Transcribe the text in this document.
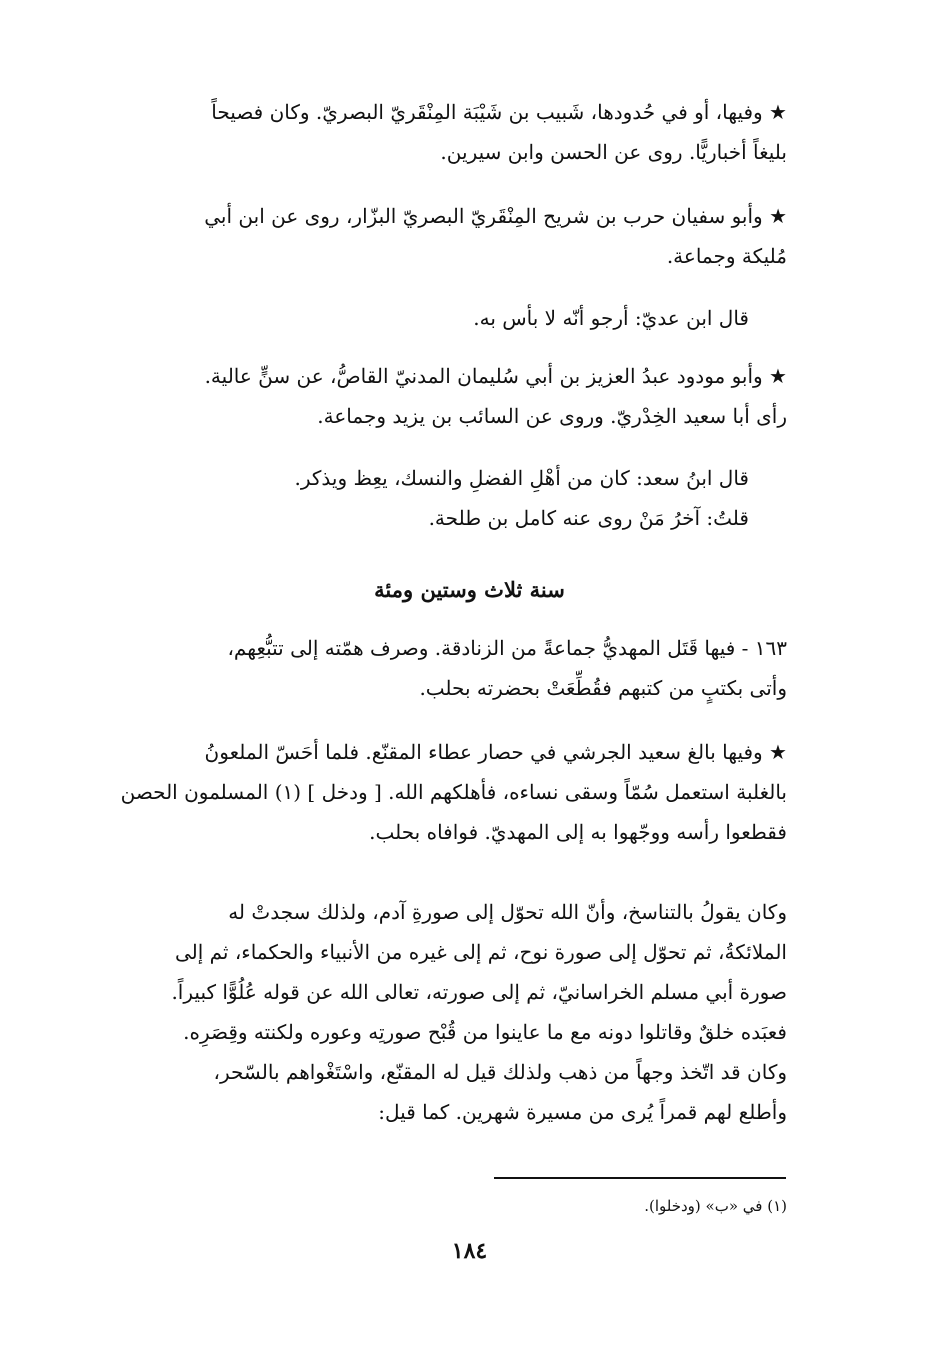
★ وفيها، أو في حُدودها، شَبيب بن شَيْبَة المِنْقَريّ البصريّ. وكان فصيحاً
بليغاً أخباريًّا. روى عن الحسن وابن سيرين.
★ وأبو سفيان حرب بن شريح المِنْقَريّ البصريّ البزّار، روى عن ابن أبي
مُليكة وجماعة.
قال ابن عديّ: أرجو أنّه لا بأس به.
★ وأبو مودود عبدُ العزيز بن أبي سُليمان المدنيّ القاصُّ، عن سنٍّ عالية.
رأى أبا سعيد الخِدْريّ. وروى عن السائب بن يزيد وجماعة.
قال ابنُ سعد: كان من أهْلِ الفضلِ والنسك، يعِظ ويذكر.
قلتُ: آخرُ مَنْ روى عنه كامل بن طلحة.
سنة ثلاث وستين ومئة
١٦٣ - فيها قَتَل المهديُّ جماعةً من الزنادقة. وصرف همّته إلى تتبُّعِهم،
وأتى بكتبٍ من كتبهم فقُطِّعَتْ بحضرته بحلب.
★ وفيها بالغ سعيد الجرشي في حصار عطاء المقنّع. فلما أحَسّ الملعونُ
بالغلبة استعمل سُمّاً وسقى نساءه، فأهلكهم الله. [ ودخل ] (١) المسلمون الحصن
فقطعوا رأسه ووجّهوا به إلى المهديّ. فوافاه بحلب.
وكان يقولُ بالتناسخ، وأنّ الله تحوّل إلى صورةِ آدم، ولذلك سجدتْ له
الملائكةُ، ثم تحوّل إلى صورة نوح، ثم إلى غيره من الأنبياء والحكماء، ثم إلى
صورة أبي مسلم الخراسانيّ، ثم إلى صورته، تعالى الله عن قوله عُلُوًّا كبيراً.
فعبَده خلقٌ وقاتلوا دونه مع ما عاينوا من قُبْح صورتِه وعوره ولكنته وقِصَرِه.
وكان قد اتّخذ وجهاً من ذهب ولذلك قيل له المقنّع، واسْتَغْواهم بالسّحر،
وأطلع لهم قمراً يُرى من مسيرة شهرين. كما قيل:
(١) في «ب» (ودخلوا).
١٨٤
